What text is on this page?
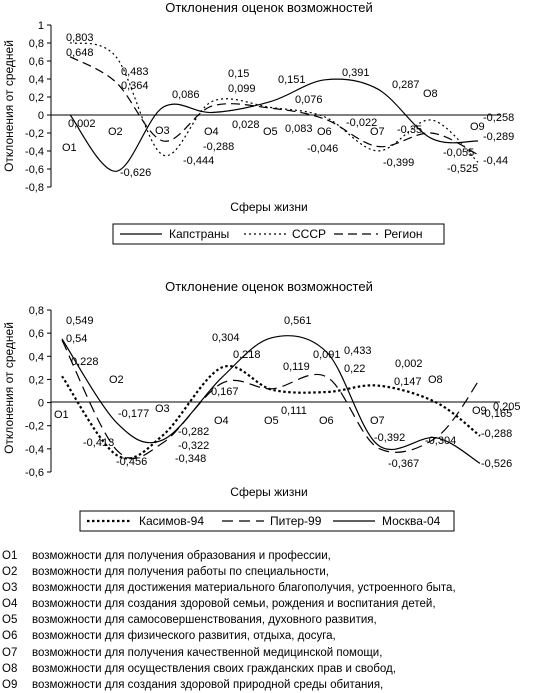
Отклонения оценок возможностей
Отклонения от средней
Сферы жизни
1
0,8
0,6
0,4
0,2
0
-0,2
-0,4
-0,6
-0,8
O1
O2	O3	O4	O5	O6	O7
O8
O9
0,803
0,648
0,483
0,364
0,002
-0,626
0,086
-0,288
-0,444
0,15
0,099
0,028
0,151
0,076
0,083
0,391
-0,022
-0,046
0,287
-0,35
-0,399
-0,055
-0,258
-0,289
-0,525
-0,44
Капстраны	СССР	Регион
Отклонение оценок возможностей
Отклонения от средней
Сферы жизни
0,8
0,6
0,4
0,2
0
-0,2
-0,4
-0,6
O1
O2
O3
O4	O5	O6	O7
O8
O9
0,549
0,54
0,228
-0,177
-0,413
-0,456
-0,282
-0,322
-0,348
0,304
0,218
0,167
0,561
0,119
0,111
0,091 0,433
0,22	0,002
0,147
-0,392
-0,367
-0,304
0,205
-0,165
-0,288
-0,526
Касимов-94	Питер-99	Москва-04
O1 возможности для получения образования и профессии,
O2 возможности для получения работы по специальности,
O3 возможности для достижения материального благополучия, устроенного быта,
O4 возможности для создания здоровой семьи, рождения и воспитания детей,
O5 возможности для самосовершенствования, духовного развития,
O6 возможности для физического развития, отдыха, досуга,
O7 возможности для получения качественной медицинской помощи,
O8 возможности для осуществления своих гражданских прав и свобод,
O9 возможности для создания здоровой природной среды обитания,
